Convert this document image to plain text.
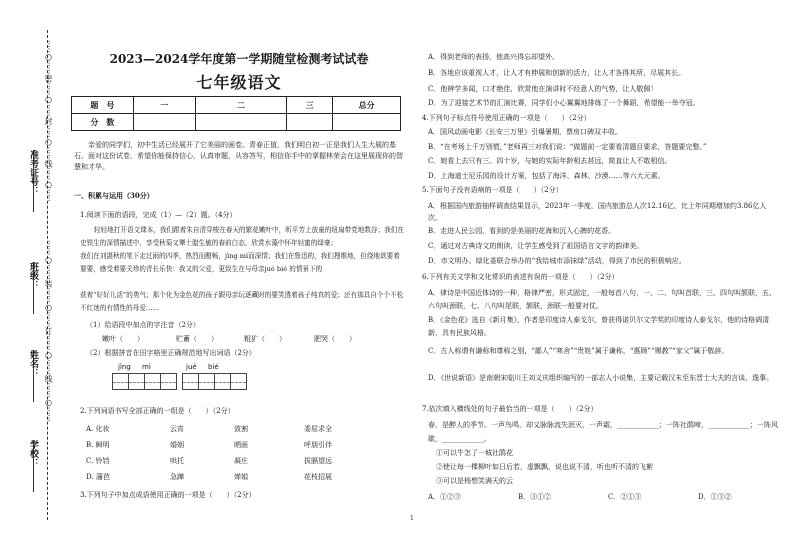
·····○·····密·····○·····封·····○·····线·····○·····
······○······装······○······订······○······线······○······
准考证号：
班级：
姓名：
学校：
2023—2024学年度第一学期随堂检测考试试卷
七年级语文
题　号	一	二	三	总分
分　数				
亲爱的同学们，初中生活已经展开了它美丽的画卷。青春正值，我们明白初一正是我们人生大展的基石。面对这份试卷，希望你能保持信心，认真审题，从容答写，相信你手中的掌握林荣会在这里展现你的智慧和才华。
一、积累与运用（30分）
1.阅读下面的语段，完成（1）—（2）题。（4分）
轻轻地打开语文课本，我们跟着朱自清穿梭在春天的繁花嫩叶中，昕平芳上放童的纽扇带党地数谷；我们在史铁生的深情描述中，享受秋菊又犟土腊生敏的春前白态，欣赏水藻中怀年轻蜜的绿豪；
我们在刘湛秋的笔下走过雨的四季，热烈而酣畅，jìng mì而深情；我们在鲁迅的，我们搜维地，但绕地欲要着要要，感受着要关珍的青长乐快：我又的父爱，更致生在与母亲jué bié 的情景下的
获着“好好儿活”的勇气；那个化为金色花的孩子跟母亲玩逐藏时的要笑透着孩子纯真的爱；还有那具自个个不松不红迷的有情性的母爱……
（1）给语段中加点的字注音（2分）
嫩叶（　　）	贮蓄（　　）	粗犷（　　）	肥哭（　　）
（2）根据拼音在田字格里正确规范地写出词语（2分）
jìng mì	jué bié
2.下列词语书写全部正确的一组是（　　）（2分）
A. 化妆	云宵	敛割	委屈求全
B. 瞬明	婚姻	晒画	呼朋引伴
C. 铃铛	哄托	凝庄	拔膈望远
D. 藩芭	急蹿	婵娟	花枝招展
3.下列句子中加点成语使用正确的一项是（　　）（2分）
A．得到老师的表扬，他高兴得忘却望外。
B．各地应该重视人才，让人才有伸展和创新的活力，让人才各得其所，尽展其长。
C．他辨学多闻，口才绝佳，欣赏他在演讲时不经意人的气势，让人敬佩！
D．为了迎接艺术节的汇演比赛，同学们小心翼翼地排练了一个舞蹈，希望能一举夺冠。
4.下列句子标点符号使用正确的一项是（　　）（2分）
A．国风动画电影《长安三万里》引爆暑期，票房口碑双丰收。
B．“在考场上千万别慌，”老师再三对我们说：“做题前一定要看清题目要求，答题要完整。”
C．她看上去只有三、四十岁，与她的实际年龄相去甚远，简直让人不敢相信。
D．上海迪士尼乐园的设计方案，包括了海洋、森林、沙漠……等六大元素。
5.下面句子没有语病的一项是（　　）（2分）
A．根据国内旅游抽样调查结果显示，2023年一季度，国内旅游总人次12.16亿，比上年同期增加约3.86亿人次。
B．走进人民公园，看到的是美丽的花海和沉入心脾的花香。
C．通过对古典诗文的朗读，让学生感受到了祖国语言文字的韵律美。
D．市文明办、绿化委联合举办的“我给城市添抹绿”活动，得到了市民的积极响应。
6.下列有关文学和文化常识的表述有误的一项是（　　）（2分）
A．律诗是中国近体诗的一种，格律严密，形式固定，一般每首八句，一、二、句叫首联，三、四句叫颔联，五、六句叫颈联，七、八句叫尾联，颔联，颈联一般要对仗。
B．《金色花》选自《新月集》，作者是印度诗人泰戈尔，曾获得诺贝尔文学奖的印度诗人泰戈尔，他的诗格调清新，具有民族风格。
C．古人称谓有谦称和尊称之别，“鄙人”“寒舍”“贵姓”属于谦称，“惠顾”“赐教”“家父”属于敬辞。
D．《世说新语》是南朝宋临川王刘义庆组织编写的一部志人小说集，主要记载汉末至东晋士大夫的言谈、逸事。
7.依次填入横线处的句子最恰当的一项是（　　）（2分）
春，是醉人的季节。一声鸟鸣，却又脉脉流失泯灭，一声霜，____________；一阵社鹃啼，____________；一阵风歇，____________。
①可以牛怎了一城社鹃花
②使让每一棵柳叶如日后若，虚飘飘，说也说不清，听也听不清的飞絮
③可以是杨想笑满天的云
A．①②③	B．③①②	C．②①③	D．①③②
1
